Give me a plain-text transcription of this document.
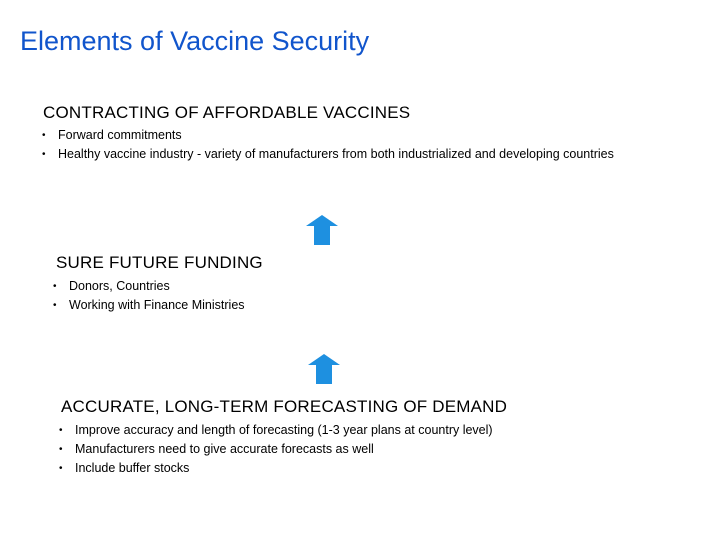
Elements of Vaccine Security
CONTRACTING OF AFFORDABLE VACCINES
• Forward commitments
• Healthy vaccine industry - variety of manufacturers from both industrialized and developing countries
SURE FUTURE FUNDING
• Donors, Countries
• Working with Finance Ministries
ACCURATE, LONG-TERM FORECASTING OF DEMAND
• Improve accuracy and length of forecasting (1-3 year plans at country level)
• Manufacturers need to give accurate forecasts as well
• Include buffer stocks
